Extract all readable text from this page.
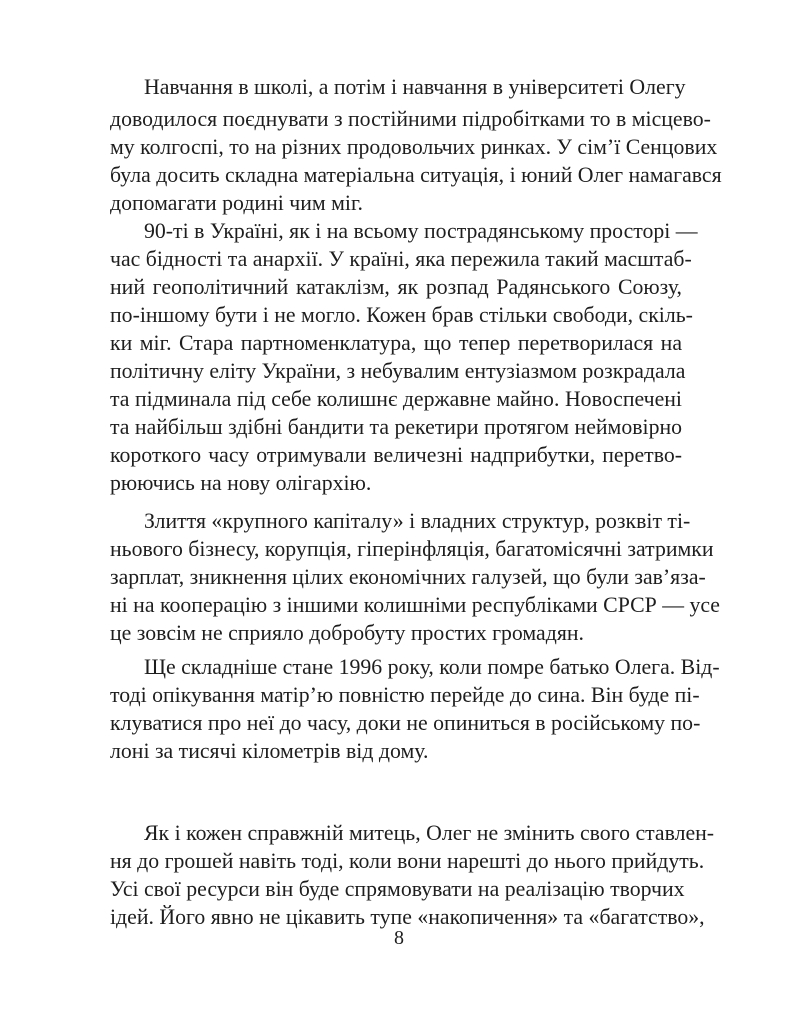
Навчання в школі, а потім і навчання в університеті Олегу
доводилося поєднувати з постійними підробітками то в місцево-
му колгоспі, то на різних продовольчих ринках. У сім’ї Сенцових
була досить складна матеріальна ситуація, і юний Олег намагався
допомагати родині чим міг.
90-ті в Україні, як і на всьому пострадянському просторі —
час бідності та анархії. У країні, яка пережила такий масштаб-
ний геополітичний катаклізм, як розпад Радянського Союзу,
по-іншому бути і не могло. Кожен брав стільки свободи, скіль-
ки міг. Стара партноменклатура, що тепер перетворилася на
політичну еліту України, з небувалим ентузіазмом розкрадала
та підминала під себе колишнє державне майно. Новоспечені
та найбільш здібні бандити та рекетири протягом неймовірно
короткого часу отримували величезні надприбутки, перетво-
рюючись на нову олігархію.
Злиття «крупного капіталу» і владних структур, розквіт ті-
ньового бізнесу, корупція, гіперінфляція, багатомісячні затримки
зарплат, зникнення цілих економічних галузей, що були зав’яза-
ні на кооперацію з іншими колишніми республіками СРСР — усе
це зовсім не сприяло добробуту простих громадян.
Ще складніше стане 1996 року, коли помре батько Олега. Від-
тоді опікування матір’ю повністю перейде до сина. Він буде пі-
клуватися про неї до часу, доки не опиниться в російському по-
лоні за тисячі кілометрів від дому.
Як і кожен справжній митець, Олег не змінить свого ставлен-
ня до грошей навіть тоді, коли вони нарешті до нього прийдуть.
Усі свої ресурси він буде спрямовувати на реалізацію творчих
ідей. Його явно не цікавить тупе «накопичення» та «багатство»,
8
